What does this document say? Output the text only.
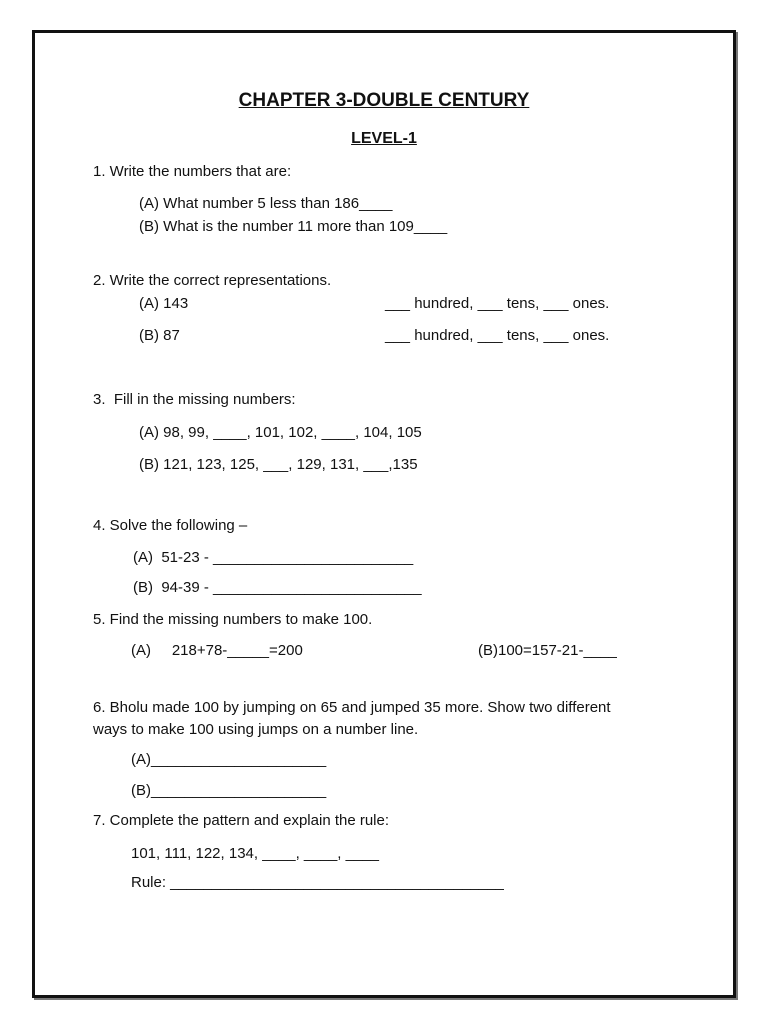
CHAPTER 3-DOUBLE CENTURY
LEVEL-1
1. Write the numbers that are:
(A) What number 5 less than 186____
(B) What is the number 11 more than 109____
2. Write the correct representations.
(A) 143	___ hundred, ___ tens, ___ ones.
(B) 87	___ hundred, ___ tens, ___ ones.
3.  Fill in the missing numbers:
(A) 98, 99, ____, 101, 102, ____, 104, 105
(B) 121, 123, 125, ___, 129, 131, ___,135
4. Solve the following –
(A)  51-23 - ________________________
(B)  94-39 - _________________________
5. Find the missing numbers to make 100.
(A)     218+78-_____=200	(B)100=157-21-____
6. Bholu made 100 by jumping on 65 and jumped 35 more. Show two different
ways to make 100 using jumps on a number line.
(A)_____________________
(B)_____________________
7. Complete the pattern and explain the rule:
101, 111, 122, 134, ____, ____, ____
Rule: ________________________________________
